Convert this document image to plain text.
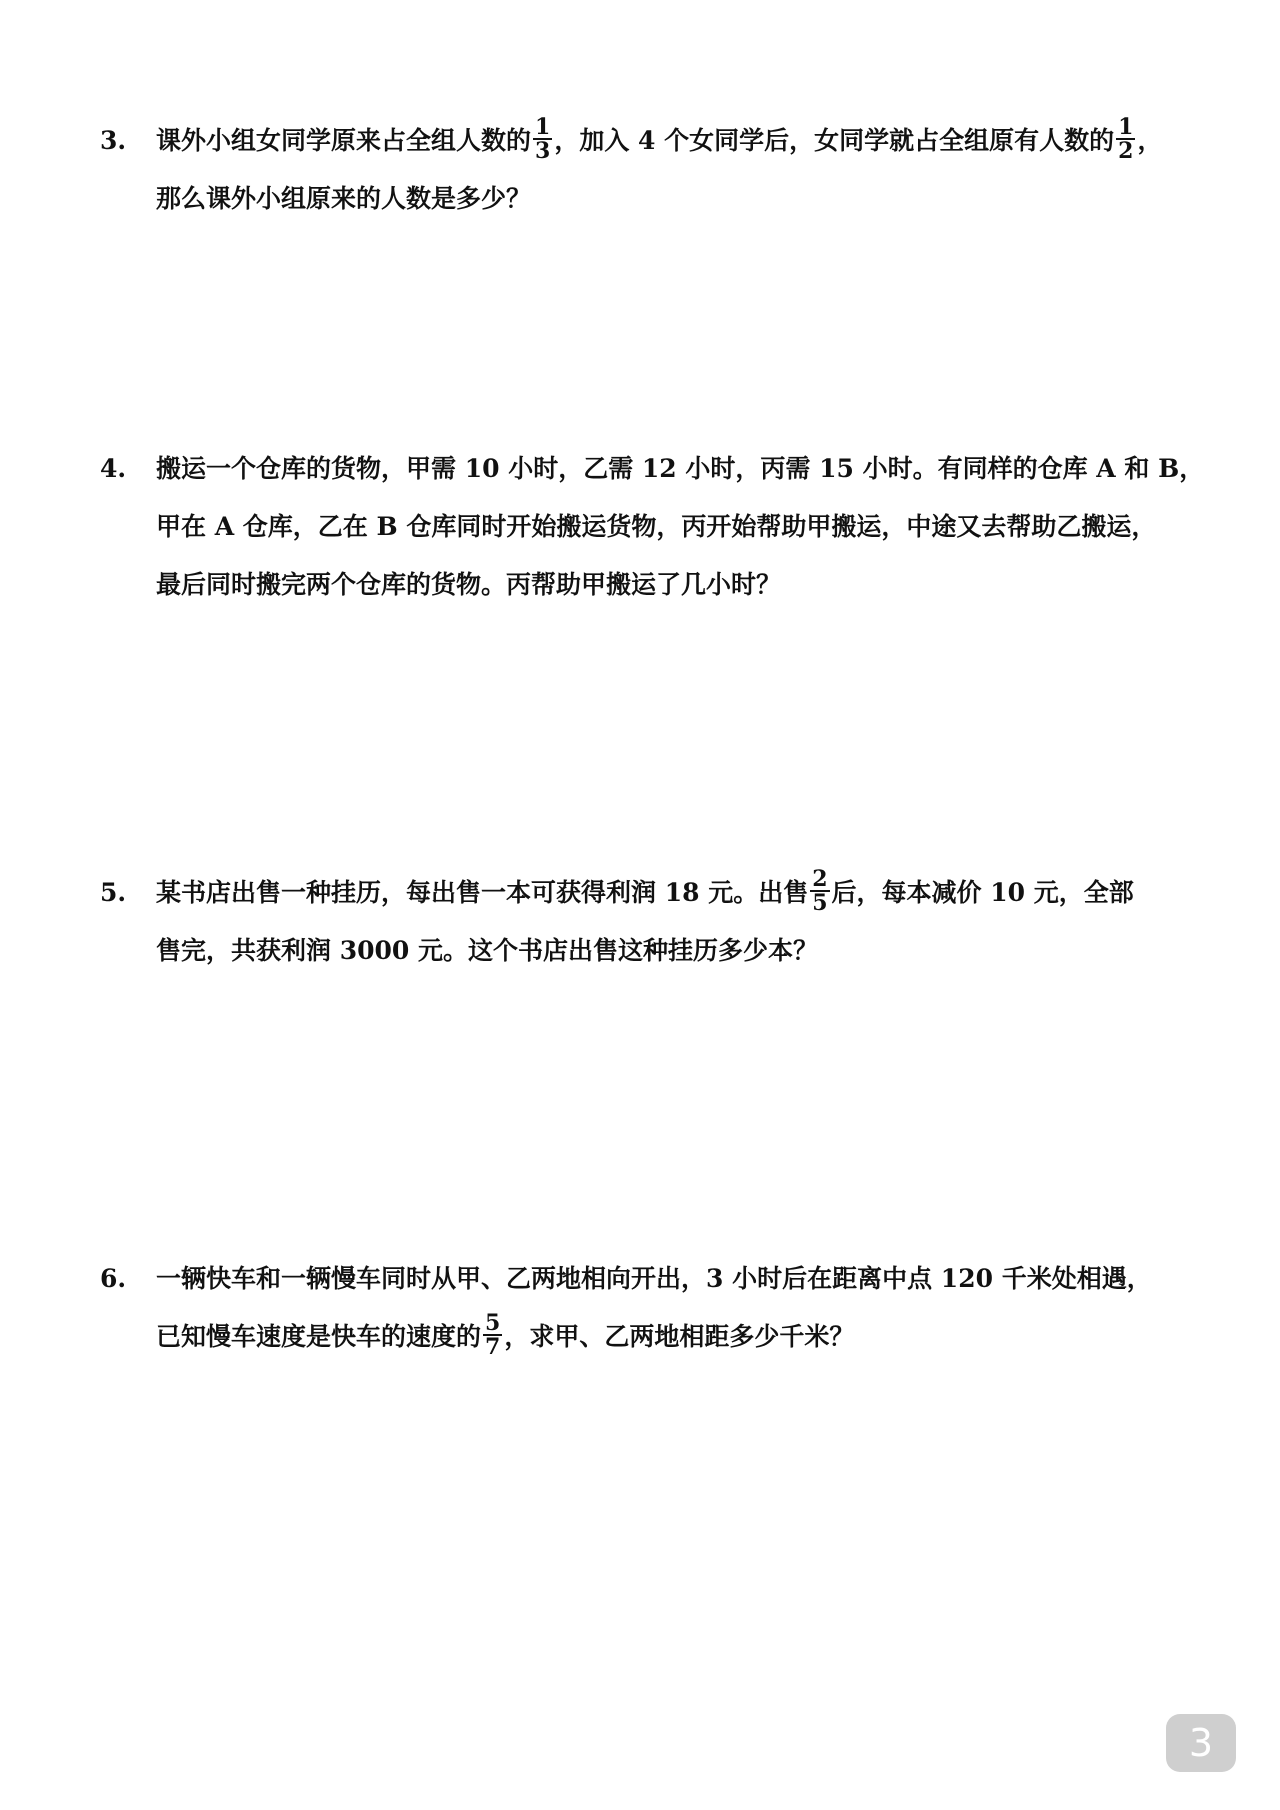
3. 课外小组女同学原来占全组人数的 $\frac{1}{3}$ ，加入 4 个女同学后，女同学就占全组原有人数的 $\frac{1}{2}$ ，
那么课外小组原来的人数是多少？
4. 搬运一个仓库的货物，甲需 10 小时，乙需 12 小时，丙需 15 小时。有同样的仓库 A 和 B，
甲在 A 仓库，乙在 B 仓库同时开始搬运货物，丙开始帮助甲搬运，中途又去帮助乙搬运，
最后同时搬完两个仓库的货物。丙帮助甲搬运了几小时？
5. 某书店出售一种挂历，每出售一本可获得利润 18 元。出售 $\frac{2}{5}$ 后，每本减价 10 元，全部
售完，共获利润 3000 元。这个书店出售这种挂历多少本？
6. 一辆快车和一辆慢车同时从甲、乙两地相向开出，3 小时后在距离中点 120 千米处相遇，
已知慢车速度是快车的速度的 $\frac{5}{7}$ ，求甲、乙两地相距多少千米？
3
